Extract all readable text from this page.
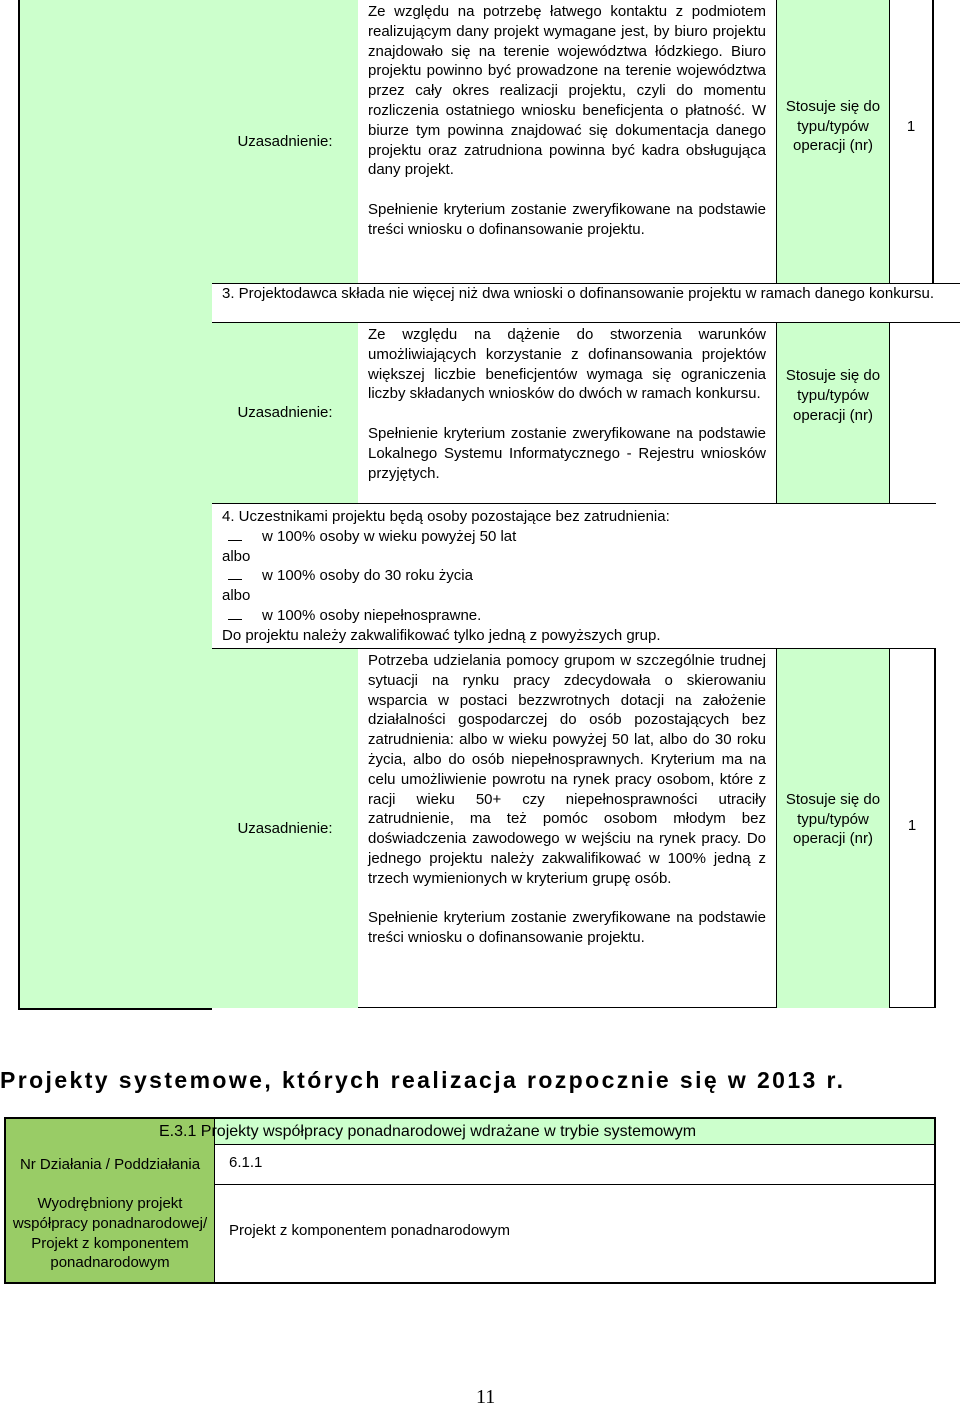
Uzasadnienie:

Ze względu na potrzebę łatwego kontaktu z podmiotem realizującym dany projekt wymagane jest, by biuro projektu znajdowało się na terenie województwa łódzkiego. Biuro projektu powinno być prowadzone na terenie województwa przez cały okres realizacji projektu, czyli do momentu rozliczenia ostatniego wniosku beneficjenta o płatność. W biurze tym powinna znajdować się dokumentacja danego projektu oraz zatrudniona powinna być kadra obsługująca dany projekt.

Spełnienie kryterium zostanie zweryfikowane na podstawie treści wniosku o dofinansowanie projektu.

Stosuje się do typu/typów operacji (nr)
1
3. Projektodawca składa nie więcej niż dwa wnioski o dofinansowanie projektu w ramach danego konkursu.
Uzasadnienie:

Ze względu na dążenie do stworzenia warunków umożliwiających korzystanie z dofinansowania projektów większej liczbie beneficjentów wymaga się ograniczenia liczby składanych wniosków do dwóch w ramach konkursu.

Spełnienie kryterium zostanie zweryfikowane na podstawie Lokalnego Systemu Informatycznego - Rejestru wniosków przyjętych.

Stosuje się do typu/typów operacji (nr)
4. Uczestnikami projektu będą osoby pozostające bez zatrudnienia:
w 100% osoby w wieku powyżej 50 lat
albo
w 100% osoby do 30 roku życia
albo
w 100% osoby niepełnosprawne.
Do projektu należy zakwalifikować tylko jedną z powyższych grup.
Uzasadnienie:

Potrzeba udzielania pomocy grupom w szczególnie trudnej sytuacji na rynku pracy zdecydowała o skierowaniu wsparcia w postaci bezzwrotnych dotacji na założenie działalności gospodarczej do osób pozostających bez zatrudnienia: albo w wieku powyżej 50 lat, albo do 30 roku życia, albo do osób niepełnosprawnych. Kryterium ma na celu umożliwienie powrotu na rynek pracy osobom, które z racji wieku 50+ czy niepełnosprawności utraciły zatrudnienie, ma też pomóc osobom młodym bez doświadczenia zawodowego w wejściu na rynek pracy. Do jednego projektu należy zakwalifikować w 100% jedną z trzech wymienionych w kryterium grupę osób.

Spełnienie kryterium zostanie zweryfikowane na podstawie treści wniosku o dofinansowanie projektu.

Stosuje się do typu/typów operacji (nr)
1
Projekty systemowe, których realizacja rozpocznie się w 2013 r.
E.3.1 Projekty współpracy ponadnarodowej wdrażane w trybie systemowym
Nr Działania / Poddziałania
Wyodrębniony projekt współpracy ponadnarodowej/ Projekt z komponentem ponadnarodowym
6.1.1
Projekt z komponentem ponadnarodowym
11
